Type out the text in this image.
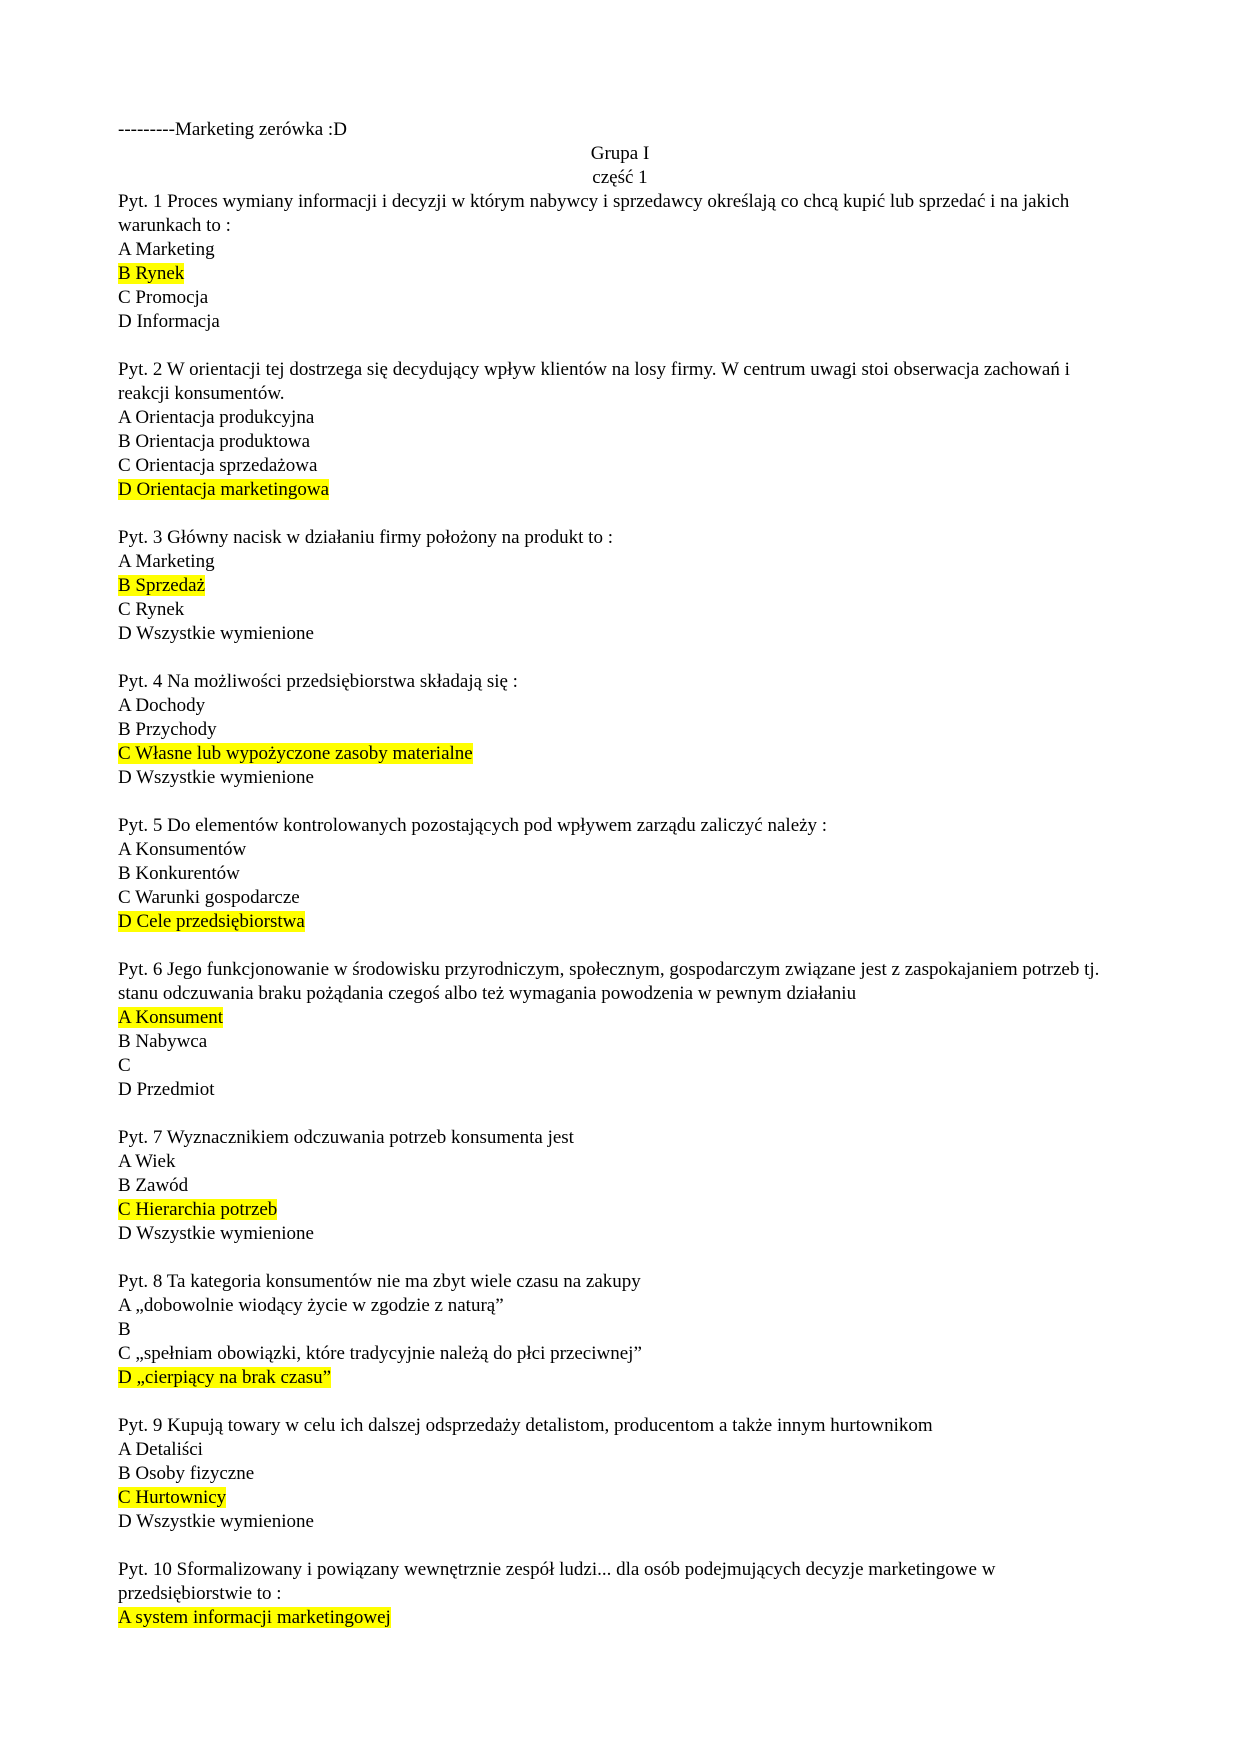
---------Marketing zerówka :D
Grupa I
część 1
Pyt. 1 Proces wymiany informacji i decyzji w którym nabywcy i sprzedawcy określają co chcą kupić lub sprzedać i na jakich warunkach to :
A Marketing
B Rynek
C Promocja
D Informacja
Pyt. 2 W orientacji tej dostrzega się decydujący wpływ klientów na losy firmy. W centrum uwagi stoi obserwacja zachowań i reakcji konsumentów.
A Orientacja produkcyjna
B Orientacja produktowa
C Orientacja sprzedażowa
D Orientacja marketingowa
Pyt. 3 Główny nacisk w działaniu firmy położony na produkt to :
A Marketing
B Sprzedaż
C Rynek
D Wszystkie wymienione
Pyt. 4 Na możliwości przedsiębiorstwa składają się :
A Dochody
B Przychody
C Własne lub wypożyczone zasoby materialne
D Wszystkie wymienione
Pyt. 5 Do elementów kontrolowanych pozostających pod wpływem zarządu zaliczyć należy :
A Konsumentów
B Konkurentów
C Warunki gospodarcze
D Cele przedsiębiorstwa
Pyt. 6 Jego funkcjonowanie w środowisku przyrodniczym, społecznym, gospodarczym związane jest z zaspokajaniem potrzeb tj. stanu odczuwania braku pożądania czegoś albo też wymagania powodzenia w pewnym działaniu
A Konsument
B Nabywca
C
D Przedmiot
Pyt. 7 Wyznacznikiem odczuwania potrzeb konsumenta jest
A Wiek
B Zawód
C Hierarchia potrzeb
D Wszystkie wymienione
Pyt. 8 Ta kategoria konsumentów nie ma zbyt wiele czasu na zakupy
A „dobowolnie wiodący życie w zgodzie z naturą”
B
C „spełniam obowiązki, które tradycyjnie należą do płci przeciwnej”
D „cierpiący na brak czasu”
Pyt. 9 Kupują towary w celu ich dalszej odsprzedaży detalistom, producentom a także innym hurtownikom
A Detaliści
B Osoby fizyczne
C Hurtownicy
D Wszystkie wymienione
Pyt. 10 Sformalizowany i powiązany wewnętrznie zespół ludzi... dla osób podejmujących decyzje marketingowe w przedsiębiorstwie to :
A system informacji marketingowej
